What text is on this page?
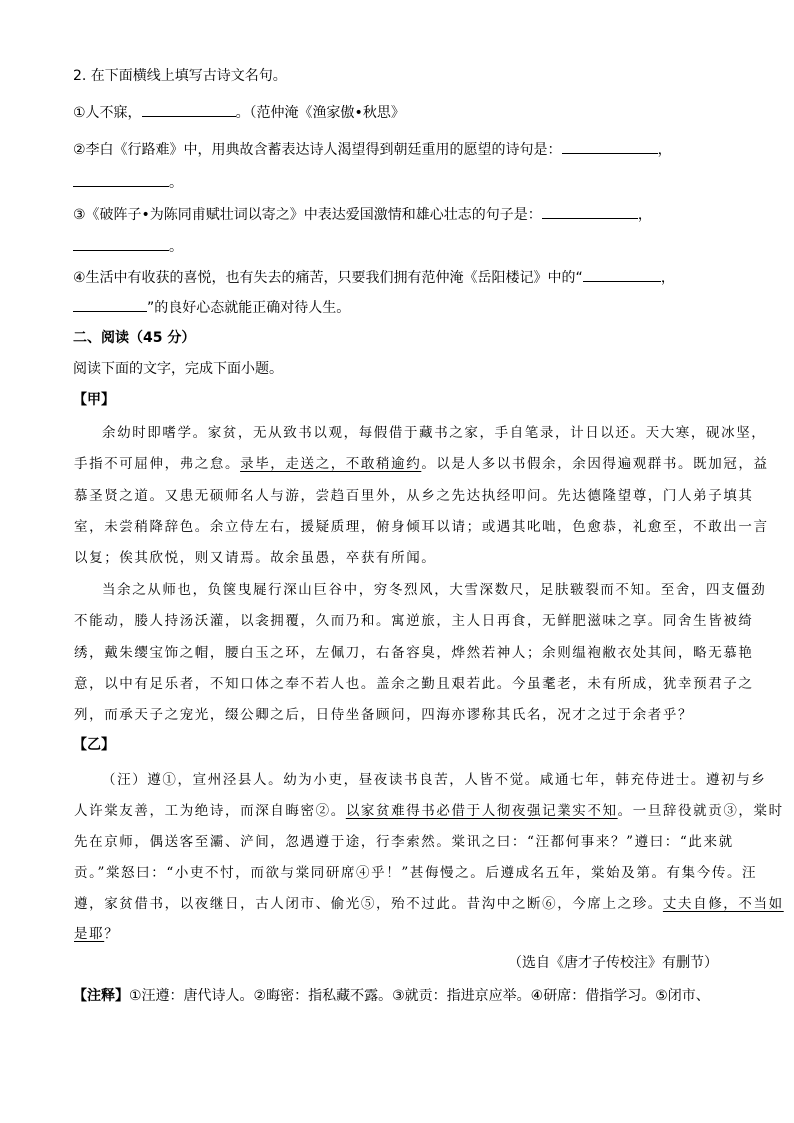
2. 在下面横线上填写古诗文名句。
①人不寐，	。（范仲淹《渔家傲•秋思》
②李白《行路难》中，用典故含蓄表达诗人渴望得到朝廷重用的愿望的诗句是：	，
。
③《破阵子•为陈同甫赋壮词以寄之》中表达爱国激情和雄心壮志的句子是：	，
。
④生活中有收获的喜悦，也有失去的痛苦，只要我们拥有范仲淹《岳阳楼记》中的“	，
”的良好心态就能正确对待人生。
二、阅读（45 分）
阅读下面的文字，完成下面小题。
【甲】
余幼时即嗜学。家贫，无从致书以观，每假借于藏书之家，手自笔录，计日以还。天大寒，砚冰坚，
手指不可屈伸，弗之怠。录毕，走送之，不敢稍逾约。以是人多以书假余，余因得遍观群书。既加冠，益
慕圣贤之道。又患无硕师名人与游，尝趋百里外，从乡之先达执经叩问。先达德隆望尊，门人弟子填其
室，未尝稍降辞色。余立侍左右，援疑质理，俯身倾耳以请；或遇其叱咄，色愈恭，礼愈至，不敢出一言
以复；俟其欣悦，则又请焉。故余虽愚，卒获有所闻。
当余之从师也，负箧曳屣行深山巨谷中，穷冬烈风，大雪深数尺，足肤皲裂而不知。至舍，四支僵劲
不能动，媵人持汤沃灌，以衾拥覆，久而乃和。寓逆旅，主人日再食，无鲜肥滋味之享。同舍生皆被绮
绣，戴朱缨宝饰之帽，腰白玉之环，左佩刀，右备容臭，烨然若神人；余则缊袍敝衣处其间，略无慕艳
意，以中有足乐者，不知口体之奉不若人也。盖余之勤且艰若此。今虽耄老，未有所成，犹幸预君子之
列，而承天子之宠光，缀公卿之后，日侍坐备顾问，四海亦谬称其氏名，况才之过于余者乎？
【乙】
（汪）遵①，宣州泾县人。幼为小吏，昼夜读书良苦，人皆不觉。咸通七年，韩充侍进士。遵初与乡
人许棠友善，工为绝诗，而深自晦密②。以家贫难得书必借于人彻夜强记業实不知。一旦辞役就贡③，棠时
先在京师，偶送客至灞、浐间，忽遇遵于途，行李索然。棠讯之曰：“汪都何事来？”遵曰：“此来就
贡。”棠怒曰：“小吏不忖，而欲与棠同研席④乎！”甚侮慢之。后遵成名五年，棠始及第。有集今传。汪
遵，家贫借书，以夜继日，古人闭市、偷光⑤，殆不过此。昔沟中之断⑥，今席上之珍。丈夫自修，不当如
是耶？
（选自《唐才子传校注》有删节）
【注释】①汪遵：唐代诗人。②晦密：指私藏不露。③就贡：指进京应举。④研席：借指学习。⑤闭市、
